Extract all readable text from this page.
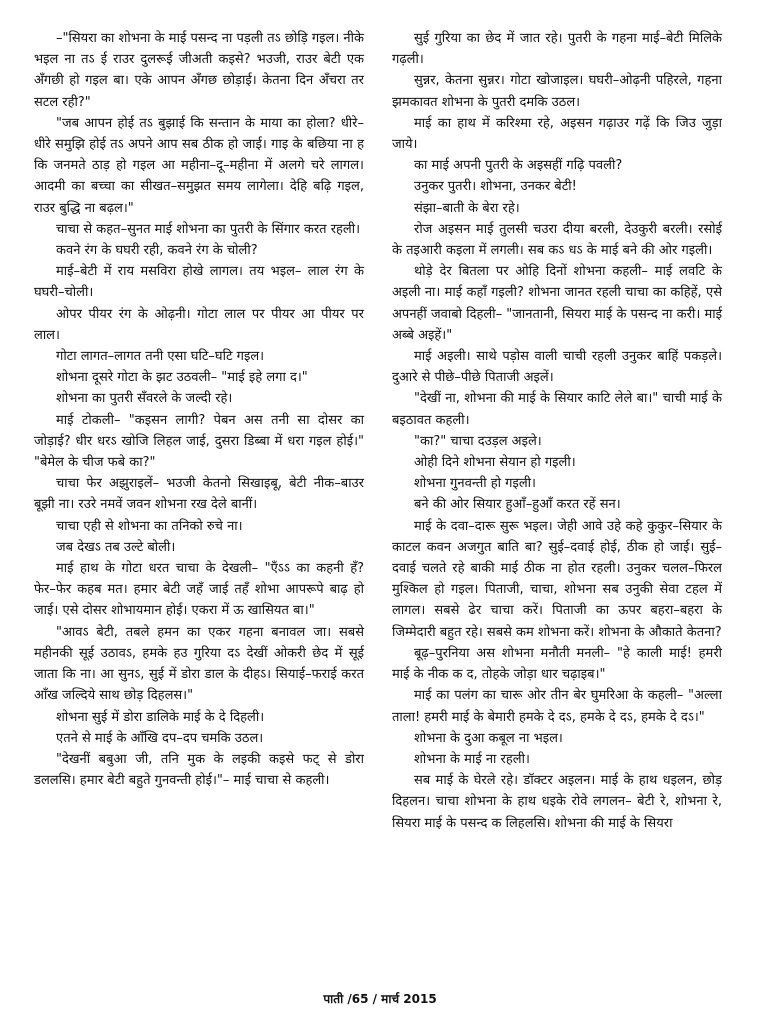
–"सियरा का शोभना के माई पसन्द ना पड़ली तऽ छोड़ि गइल। नीके भइल ना तऽ ई राउर दुलरूई जीअती कइसे? भउजी, राउर बेटी एक अँगछी हो गइल बा। एके आपन अँगछ छोड़ाई। केतना दिन अँचरा तर सटल रही?"

"जब आपन होई तऽ बुझाई कि सन्तान के माया का होला? धीरे–धीरे समुझि होई तऽ अपने आप सब ठीक हो जाई। गाइ के बछिया ना ह कि जनमते ठाड़ हो गइल आ महीना–दू–महीना में अलगे चरे लागल। आदमी का बच्चा का सीखत–समुझत समय लागेला। देहि बढ़ि गइल, राउर बुद्धि ना बढ़ल।"

चाचा से कहत–सुनत माई शोभना का पुतरी के सिंगार करत रहली।

कवने रंग के घघरी रही, कवने रंग के चोली?

माई–बेटी में राय मसविरा होखे लागल। तय भइल– लाल रंग के घघरी–चोली।

ओपर पीयर रंग के ओढ़नी। गोटा लाल पर पीयर आ पीयर पर लाल।

गोटा लागत–लागत तनी एसा घटि–घटि गइल।

शोभना दूसरे गोटा के झट उठवली– "माई इहे लगा द।"

शोभना का पुतरी सँवरले के जल्दी रहे।

माई टोकली– "कइसन लागी? पेबन अस तनी सा दोसर का जोड़ाई? धीर धरऽ खोजि लिहल जाई, दुसरा डिब्बा में धरा गइल होई।" "बेमेल के चीज फबे का?"

चाचा फेर अझुराइलें– भउजी केतनो सिखाइबू, बेटी नीक–बाउर बूझी ना। रउरे नमवें जवन शोभना रख देले बानीं।

चाचा एही से शोभना का तनिको रुचे ना।

जब देखऽ तब उल्टे बोली।

माई हाथ के गोटा धरत चाचा के देखली– "ऍंऽऽ का कहनी हँ? फेर–फेर कहब मत। हमार बेटी जहँ जाई तहँ शोभा आपरूपे बाढ़ हो जाई। एसे दोसर शोभायमान होई। एकरा में ऊ खासियत बा।"

"आवऽ बेटी, तबले हमन का एकर गहना बनावल जा। सबसे महीनकी सूई उठावऽ, हमके हउ गुरिया दऽ देखीं ओकरी छेद में सूई जाता कि ना। आ सुनऽ, सुई में डोरा डाल के दीहऽ। सियाई–फराई करत आँख जल्दिये साथ छोड़ दिहलस।"

शोभना सुई में डोरा डालिके माई के दे दिहली।

एतने से माई के आँखि दप–दप चमकि उठल।

"देखनीं बबुआ जी, तनि मुक के लइकी कइसे फट् से डोरा डललसि। हमार बेटी बहुते गुनवन्ती होई।"– माई चाचा से कहली।

सुई गुरिया का छेद में जात रहे। पुतरी के गहना माई–बेटी मिलिके गढ़ली।

सुन्नर, केतना सुन्नर। गोटा खोजाइल। घघरी–ओढ़नी पहिरले, गहना झमकावत शोभना के पुतरी दमकि उठल।

माई का हाथ में करिश्मा रहे, अइसन गढ़ाउर गढ़ें कि जिउ जुड़ा जाये।

का माई अपनी पुतरी के अइसहीं गढ़ि पवली?

उनुकर पुतरी। शोभना, उनकर बेटी!

संझा–बाती के बेरा रहे।

रोज अइसन माई तुलसी चउरा दीया बरली, देउकुरी बरली। रसोई के तइआरी कइला में लगली। सब कऽ धऽ के माई बने की ओर गइली।

थोड़े देर बितला पर ओहि दिनों शोभना कहली– माई लवटि के अइली ना। माई कहाँ गइली? शोभना जानत रहली चाचा का कहिहें, एसे अपनहीं जवाबो दिहली– "जानतानी, सियरा माई के पसन्द ना करी। माई अब्बे अइहें।"

माई अइली। साथे पड़ोस वाली चाची रहली उनुकर बाहिं पकड़ले। दुआरे से पीछे–पीछे पिताजी अइलें।

"देखीं ना, शोभना की माई के सियार काटि लेले बा।" चाची माई के बइठावत कहली।

"का?" चाचा दउड़ल अइले।

ओही दिने शोभना सेयान हो गइली।

शोभना गुनवन्ती हो गइली।

बने की ओर सियार हुआँ–हुआँ करत रहें सन।

माई के दवा–दारू सुरू भइल। जेही आवे उहे कहे कुकुर–सियार के काटल कवन अजगुत बाति बा? सुई–दवाई होई, ठीक हो जाई। सुई–दवाई चलते रहे बाकी माई ठीक ना होत रहली। उनुकर चलल–फिरल मुश्किल हो गइल। पिताजी, चाचा, शोभना सब उनुकी सेवा टहल में लागल। सबसे ढेर चाचा करें। पिताजी का ऊपर बहरा–बहरा के जिम्मेदारी बहुत रहे। सबसे कम शोभना करें। शोभना के औकाते केतना?

बूढ़–पुरनिया अस शोभना मनौती मनली– "हे काली माई! हमरी माई के नीक क द, तोहके जोड़ा धार चढ़ाइब।"

माई का पलंग का चारू ओर तीन बेर घुमरिआ के कहली– "अल्ला ताला! हमरी माई के बेमारी हमके दे दऽ, हमके दे दऽ, हमके दे दऽ।"

शोभना के दुआ कबूल ना भइल।

शोभना के माई ना रहली।

सब माई के घेरले रहे। डॉक्टर अइलन। माई के हाथ धइलन, छोड़ दिहलन। चाचा शोभना के हाथ धइके रोवे लगलन– बेटी रे, शोभना रे, सियरा माई के पसन्द क लिहलसि। शोभना की माई के सियरा

पाती /65 / मार्च 2015
